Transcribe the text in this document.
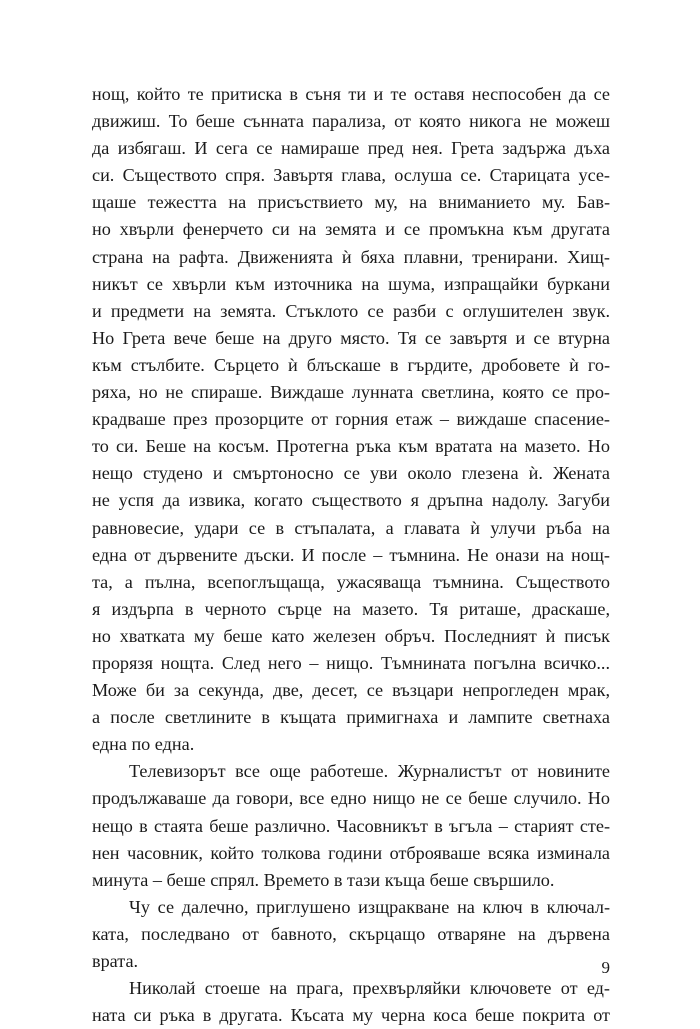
нощ, който те притиска в съня ти и те оставя неспособен да се
движиш. То беше сънната парализа, от която никога не можеш
да избягаш. И сега се намираше пред нея. Грета задържа дъха
си. Съществото спря. Завъртя глава, ослуша се. Старицата усе-
щаше тежестта на присъствието му, на вниманието му. Бав-
но хвърли фенерчето си на земята и се промъкна към другата
страна на рафта. Движенията ѝ бяха плавни, тренирани. Хищ-
никът се хвърли към източника на шума, изпращайки буркани
и предмети на земята. Стъклото се разби с оглушителен звук.
Но Грета вече беше на друго място. Тя се завъртя и се втурна
към стълбите. Сърцето ѝ блъскаше в гърдите, дробовете ѝ го-
ряха, но не спираше. Виждаше лунната светлина, която се про-
крадваше през прозорците от горния етаж – виждаше спасение-
то си. Беше на косъм. Протегна ръка към вратата на мазето. Но
нещо студено и смъртоносно се уви около глезена ѝ. Жената
не успя да извика, когато съществото я дръпна надолу. Загуби
равновесие, удари се в стъпалата, а главата ѝ улучи ръба на
една от дървените дъски. И после – тъмнина. Не онази на нощ-
та, а пълна, всепоглъщаща, ужасяваща тъмнина. Съществото
я издърпа в черното сърце на мазето. Тя риташе, драскаше,
но хватката му беше като железен обръч. Последният ѝ писък
прорязя нощта. След него – нищо. Тъмнината погълна всичко...
Може би за секунда, две, десет, се възцари непрогледен мрак,
а после светлините в къщата примигнаха и лампите светнаха
една по една.
Телевизорът все още работеше. Журналистът от новините
продължаваше да говори, все едно нищо не се беше случило. Но
нещо в стаята беше различно. Часовникът в ъгъла – старият сте-
нен часовник, който толкова години отброяваше всяка изминала
минута – беше спрял. Времето в тази къща беше свършило.
Чу се далечно, приглушено изщракване на ключ в ключал-
ката, последвано от бавното, скърцащо отваряне на дървена
врата.
Николай стоеше на прага, прехвърляйки ключовете от ед-
ната си ръка в другата. Късата му черна коса беше покрита от
9
